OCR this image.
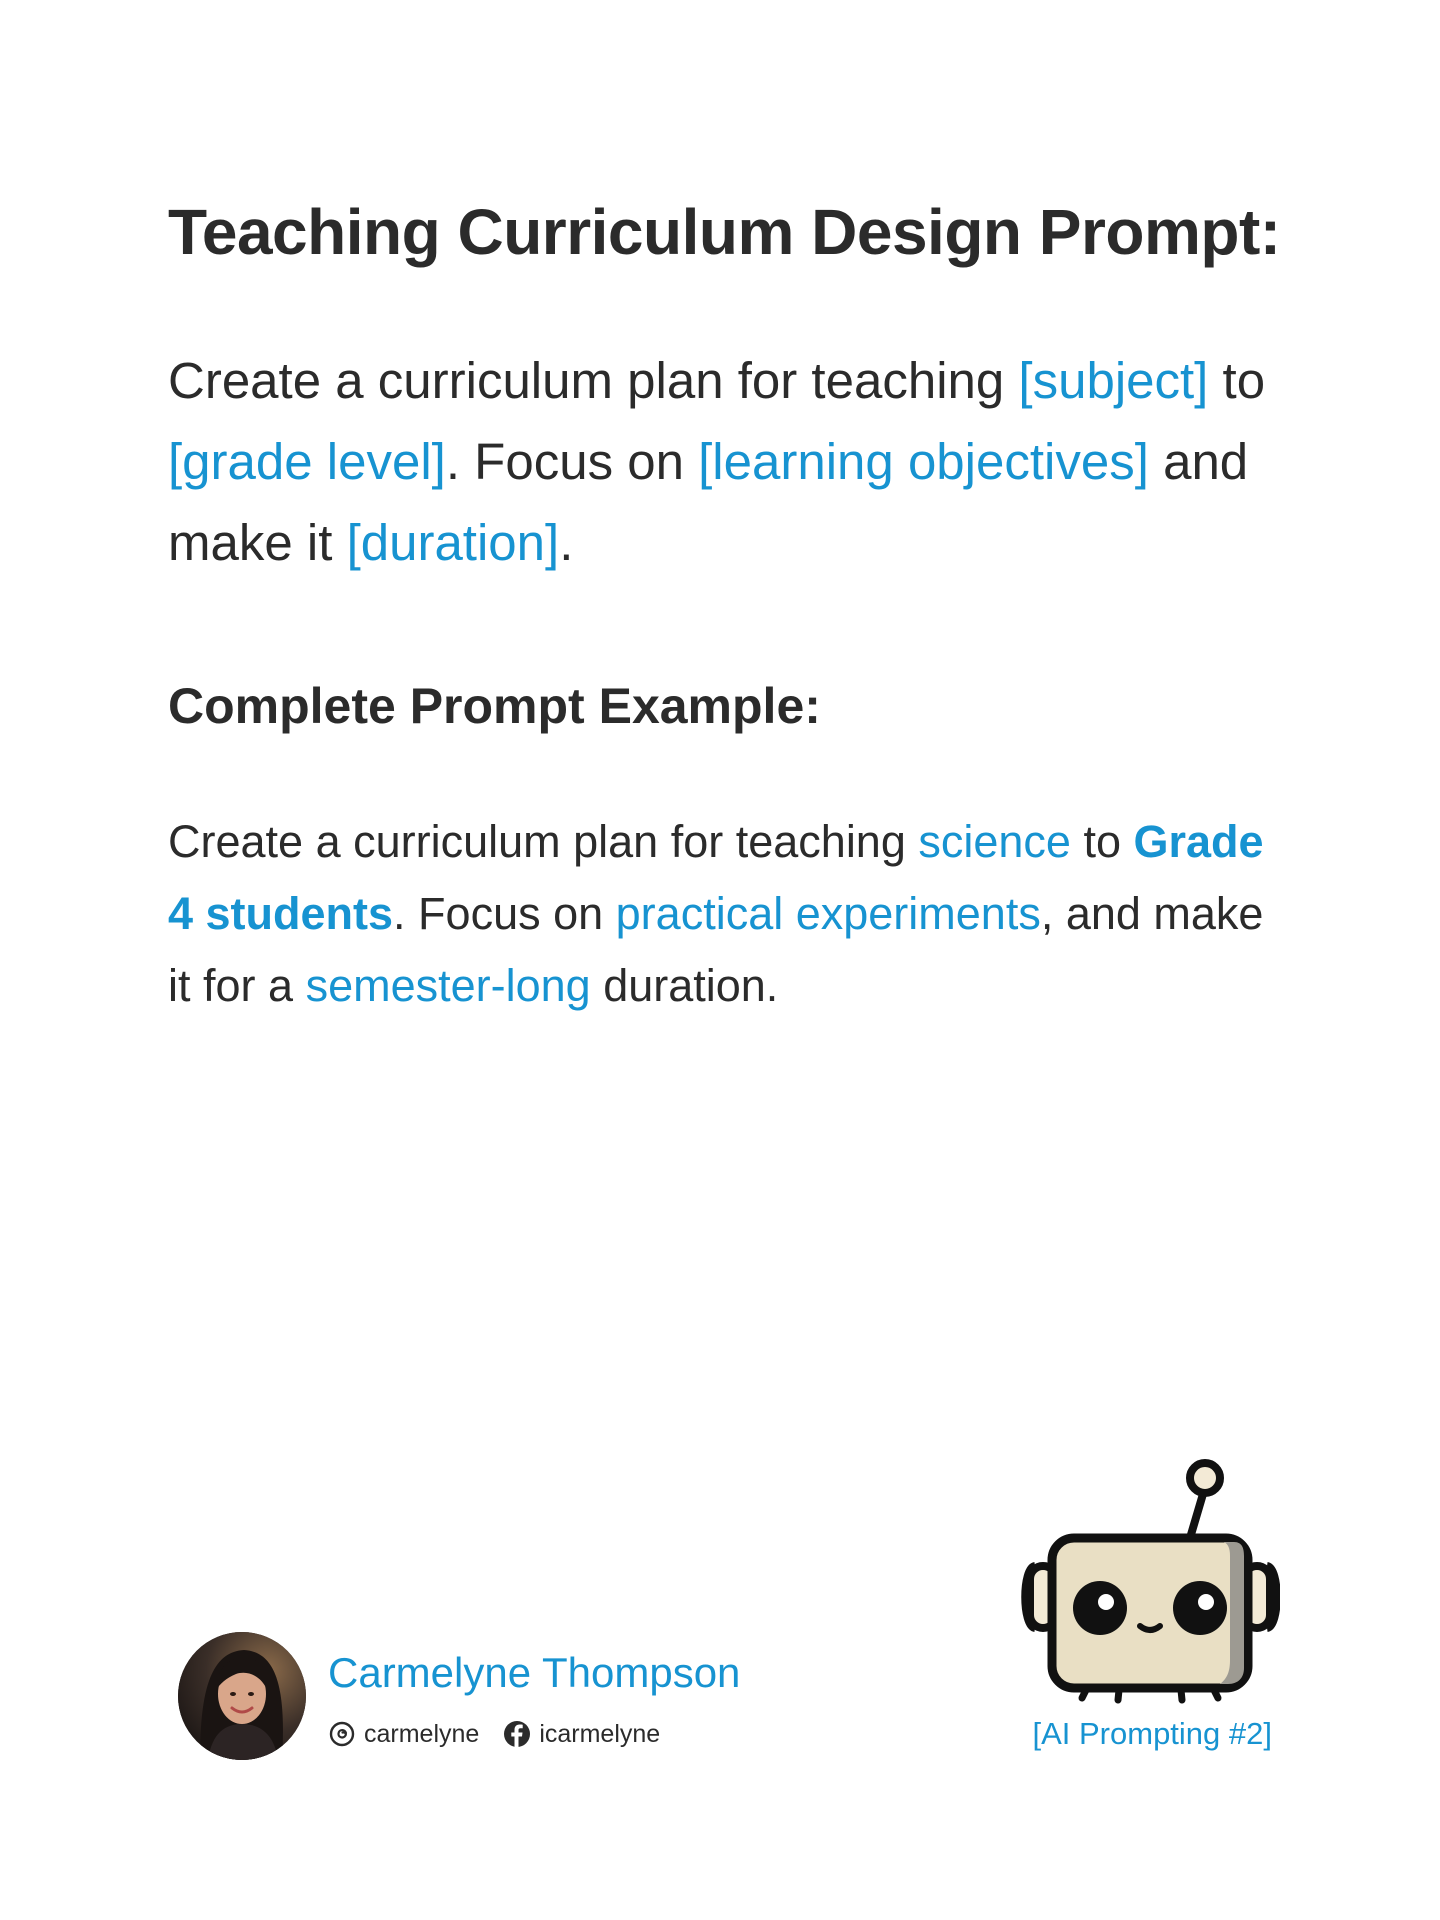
Teaching Curriculum Design Prompt:

Create a curriculum plan for teaching [subject] to [grade level]. Focus on [learning objectives] and make it [duration].

Complete Prompt Example:

Create a curriculum plan for teaching science to Grade 4 students. Focus on practical experiments, and make it for a semester-long duration.

Carmelyne Thompson

carmelyne icarmelyne	[AI Prompting #2]
